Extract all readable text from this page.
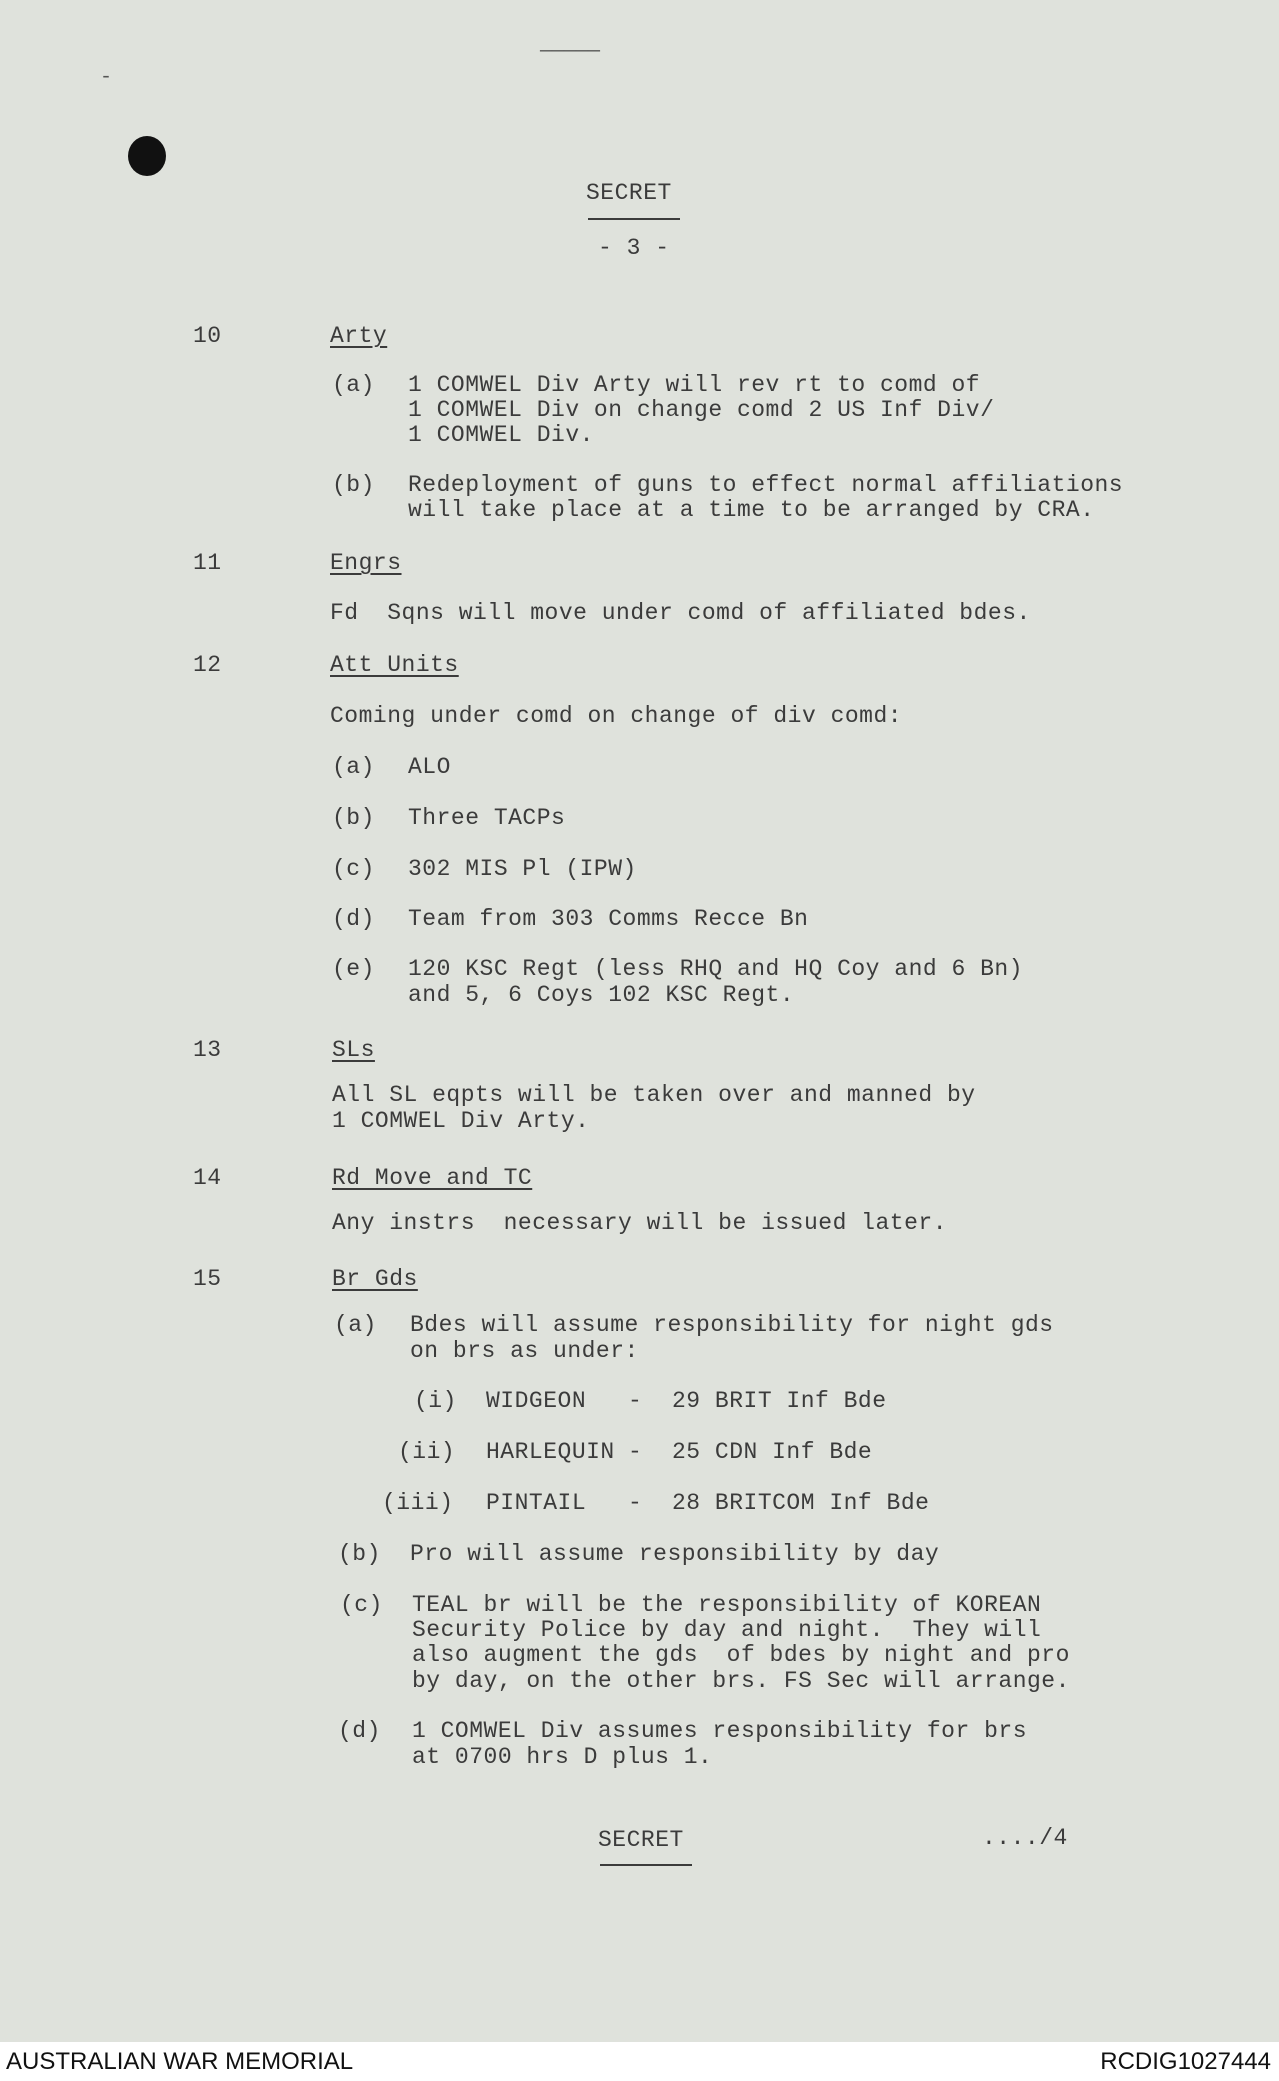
-
—————
SECRET
- 3 -
10	Arty
(a) 1 COMWEL Div Arty will rev rt to comd of
1 COMWEL Div on change comd 2 US Inf Div/
1 COMWEL Div.
(b) Redeployment of guns to effect normal affiliations
will take place at a time to be arranged by CRA.
11	Engrs
Fd  Sqns will move under comd of affiliated bdes.
12	Att Units
Coming under comd on change of div comd:
(a) ALO
(b) Three TACPs
(c) 302 MIS Pl (IPW)
(d) Team from 303 Comms Recce Bn
(e) 120 KSC Regt (less RHQ and HQ Coy and 6 Bn)
and 5, 6 Coys 102 KSC Regt.
13	SLs
All SL eqpts will be taken over and manned by
1 COMWEL Div Arty.
14	Rd Move and TC
Any instrs  necessary will be issued later.
15	Br Gds
(a) Bdes will assume responsibility for night gds
on brs as under:
(i) WIDGEON - 29 BRIT Inf Bde
(ii) HARLEQUIN - 25 CDN Inf Bde
(iii) PINTAIL - 28 BRITCOM Inf Bde
(b) Pro will assume responsibility by day
(c) TEAL br will be the responsibility of KOREAN
Security Police by day and night.  They will
also augment the gds  of bdes by night and pro
by day, on the other brs. FS Sec will arrange.
(d) 1 COMWEL Div assumes responsibility for brs
at 0700 hrs D plus 1.
SECRET	..../4
AUSTRALIAN WAR MEMORIAL	RCDIG1027444
